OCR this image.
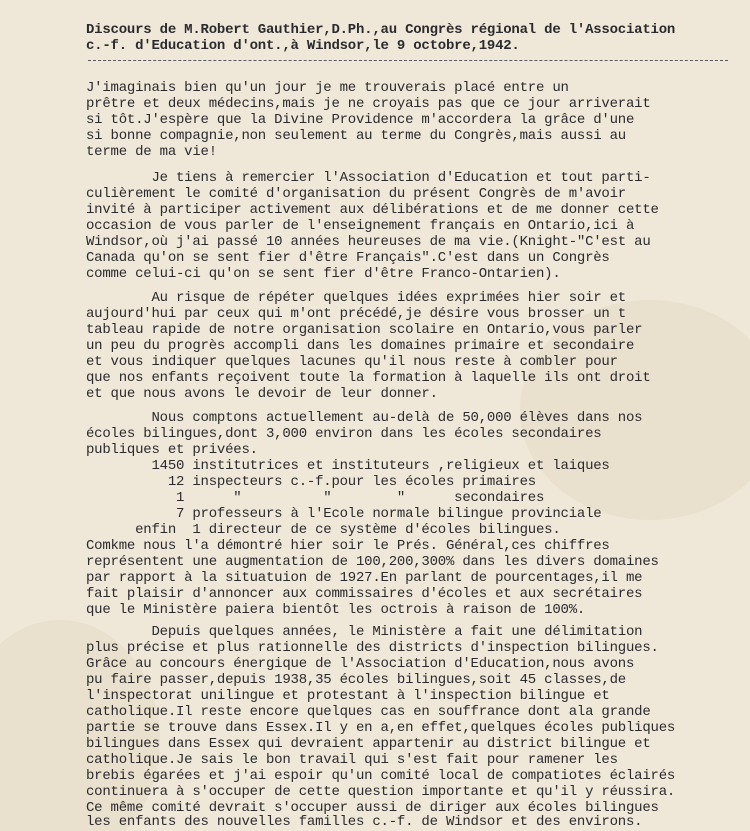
Discours de M.Robert Gauthier,D.Ph.,au Congrès régional de l'Association
c.-f. d'Education d'ont.,à Windsor,le 9 octobre,1942.
J'imaginais bien qu'un jour je me trouverais placé entre un
prêtre et deux médecins,mais je ne croyais pas que ce jour arriverait
si tôt.J'espère que la Divine Providence m'accordera la grâce d'une
si bonne compagnie,non seulement au terme du Congrès,mais aussi au
terme de ma vie!
Je tiens à remercier l'Association d'Education et tout parti-
culièrement le comité d'organisation du présent Congrès de m'avoir
invité à participer activement aux délibérations et de me donner cette
occasion de vous parler de l'enseignement français en Ontario,ici à
Windsor,où j'ai passé 10 années heureuses de ma vie.(Knight-"C'est au
Canada qu'on se sent fier d'être Français".C'est dans un Congrès
comme celui-ci qu'on se sent fier d'être Franco-Ontarien).
Au risque de répéter quelques idées exprimées hier soir et
aujourd'hui par ceux qui m'ont précédé,je désire vous brosser un t
tableau rapide de notre organisation scolaire en Ontario,vous parler
un peu du progrès accompli dans les domaines primaire et secondaire
et vous indiquer quelques lacunes qu'il nous reste à combler pour
que nos enfants reçoivent toute la formation à laquelle ils ont droit
et que nous avons le devoir de leur donner.
Nous comptons actuellement au-delà de 50,000 élèves dans nos
écoles bilingues,dont 3,000 environ dans les écoles secondaires
publiques et privées.
1450 institutrices et instituteurs ,religieux et laiques
12 inspecteurs c.-f.pour les écoles primaires
1      "          "        "      secondaires
7 professeurs à l'Ecole normale bilingue provinciale
enfin  1 directeur de ce système d'écoles bilingues.
Comkme nous l'a démontré hier soir le Prés. Général,ces chiffres
représentent une augmentation de 100,200,300% dans les divers domaines
par rapport à la situatuion de 1927.En parlant de pourcentages,il me
fait plaisir d'annoncer aux commissaires d'écoles et aux secrétaires
que le Ministère paiera bientôt les octrois à raison de 100%.
Depuis quelques années, le Ministère a fait une délimitation
plus précise et plus rationnelle des districts d'inspection bilingues.
Grâce au concours énergique de l'Association d'Education,nous avons
pu faire passer,depuis 1938,35 écoles bilingues,soit 45 classes,de
l'inspectorat unilingue et protestant à l'inspection bilingue et
catholique.Il reste encore quelques cas en souffrance dont ala grande
partie se trouve dans Essex.Il y en a,en effet,quelques écoles publiques
bilingues dans Essex qui devraient appartenir au district bilingue et
catholique.Je sais le bon travail qui s'est fait pour ramener les
brebis égarées et j'ai espoir qu'un comité local de compatiotes éclairés
continuera à s'occuper de cette question importante et qu'il y réussira.
Ce même comité devrait s'occuper aussi de diriger aux écoles bilingues
les enfants des nouvelles familles c.-f. de Windsor et des environs.
